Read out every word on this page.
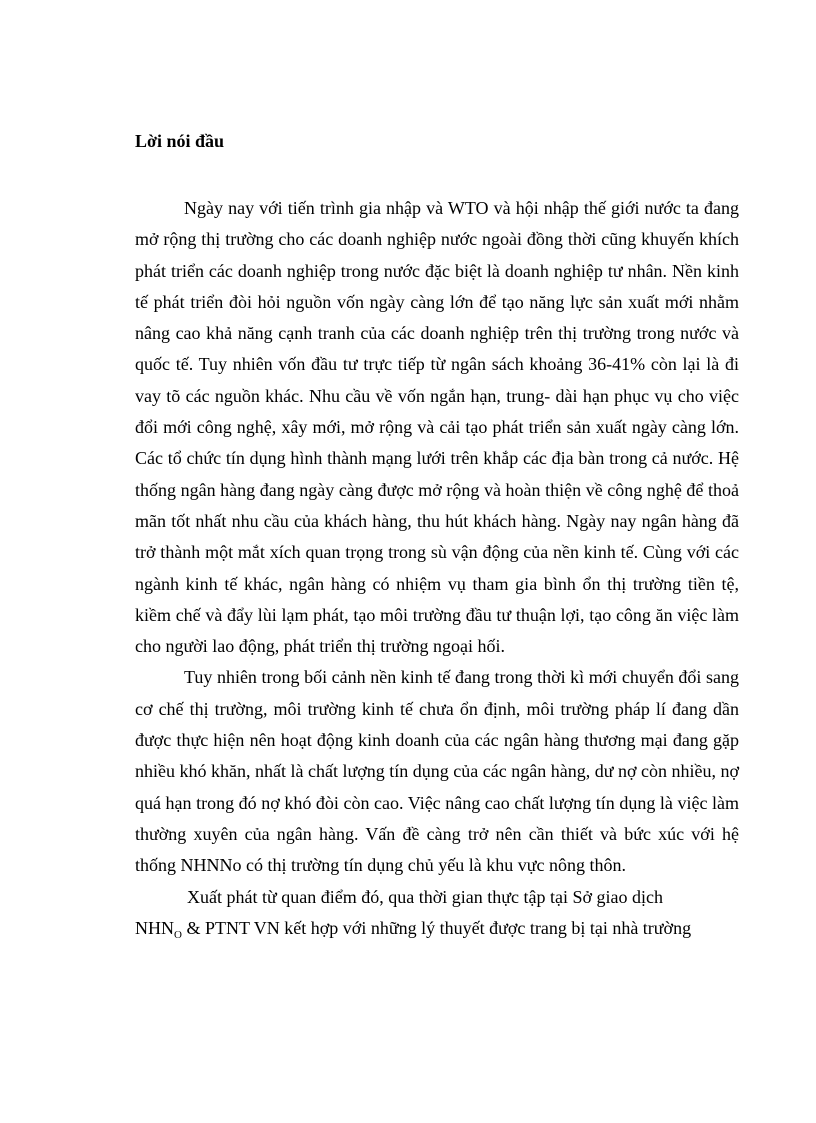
Lời nói đầu

Ngày nay với tiến trình gia nhập và WTO và hội nhập thế giới nước ta đang mở rộng thị trường cho các doanh nghiệp nước ngoài đồng thời cũng khuyến khích phát triển các doanh nghiệp trong nước đặc biệt là doanh nghiệp tư nhân. Nền kinh tế phát triển đòi hỏi nguồn vốn ngày càng lớn để tạo năng lực sản xuất mới nhằm nâng cao khả năng cạnh tranh của các doanh nghiệp trên thị trường trong nước và quốc tế. Tuy nhiên vốn đầu tư trực tiếp từ ngân sách khoảng 36-41% còn lại là đi vay tõ các nguồn khác. Nhu cầu về vốn ngắn hạn, trung- dài hạn phục vụ cho việc đổi mới công nghệ, xây mới, mở rộng và cải tạo phát triển sản xuất ngày càng lớn. Các tổ chức tín dụng hình thành mạng lưới trên khắp các địa bàn trong cả nước. Hệ thống ngân hàng đang ngày càng được mở rộng và hoàn thiện về công nghệ để thoả mãn tốt nhất nhu cầu của khách hàng, thu hút khách hàng. Ngày nay ngân hàng đã trở thành một mắt xích quan trọng trong sù vận động của nền kinh tế. Cùng với các ngành kinh tế khác, ngân hàng có nhiệm vụ tham gia bình ổn thị trường tiền tệ, kiềm chế và đẩy lùi lạm phát, tạo môi trường đầu tư thuận lợi, tạo công ăn việc làm cho người lao động, phát triển thị trường ngoại hối.

Tuy nhiên trong bối cảnh nền kinh tế đang trong thời kì mới chuyển đổi sang cơ chế thị trường, môi trường kinh tế chưa ổn định, môi trường pháp lí đang dần được thực hiện nên hoạt động kinh doanh của các ngân hàng thương mại đang gặp nhiều khó khăn, nhất là chất lượng tín dụng của các ngân hàng, dư nợ còn nhiều, nợ quá hạn trong đó nợ khó đòi còn cao. Việc nâng cao chất lượng tín dụng là việc làm thường xuyên của ngân hàng. Vấn đề càng trở nên cần thiết và bức xúc với hệ thống NHNNo có thị trường tín dụng chủ yếu là khu vực nông thôn.

Xuất phát từ quan điểm đó, qua thời gian thực tập tại Sở giao dịch
$NHN_O$ & PTNT VN kết hợp với những lý thuyết được trang bị tại nhà trường
